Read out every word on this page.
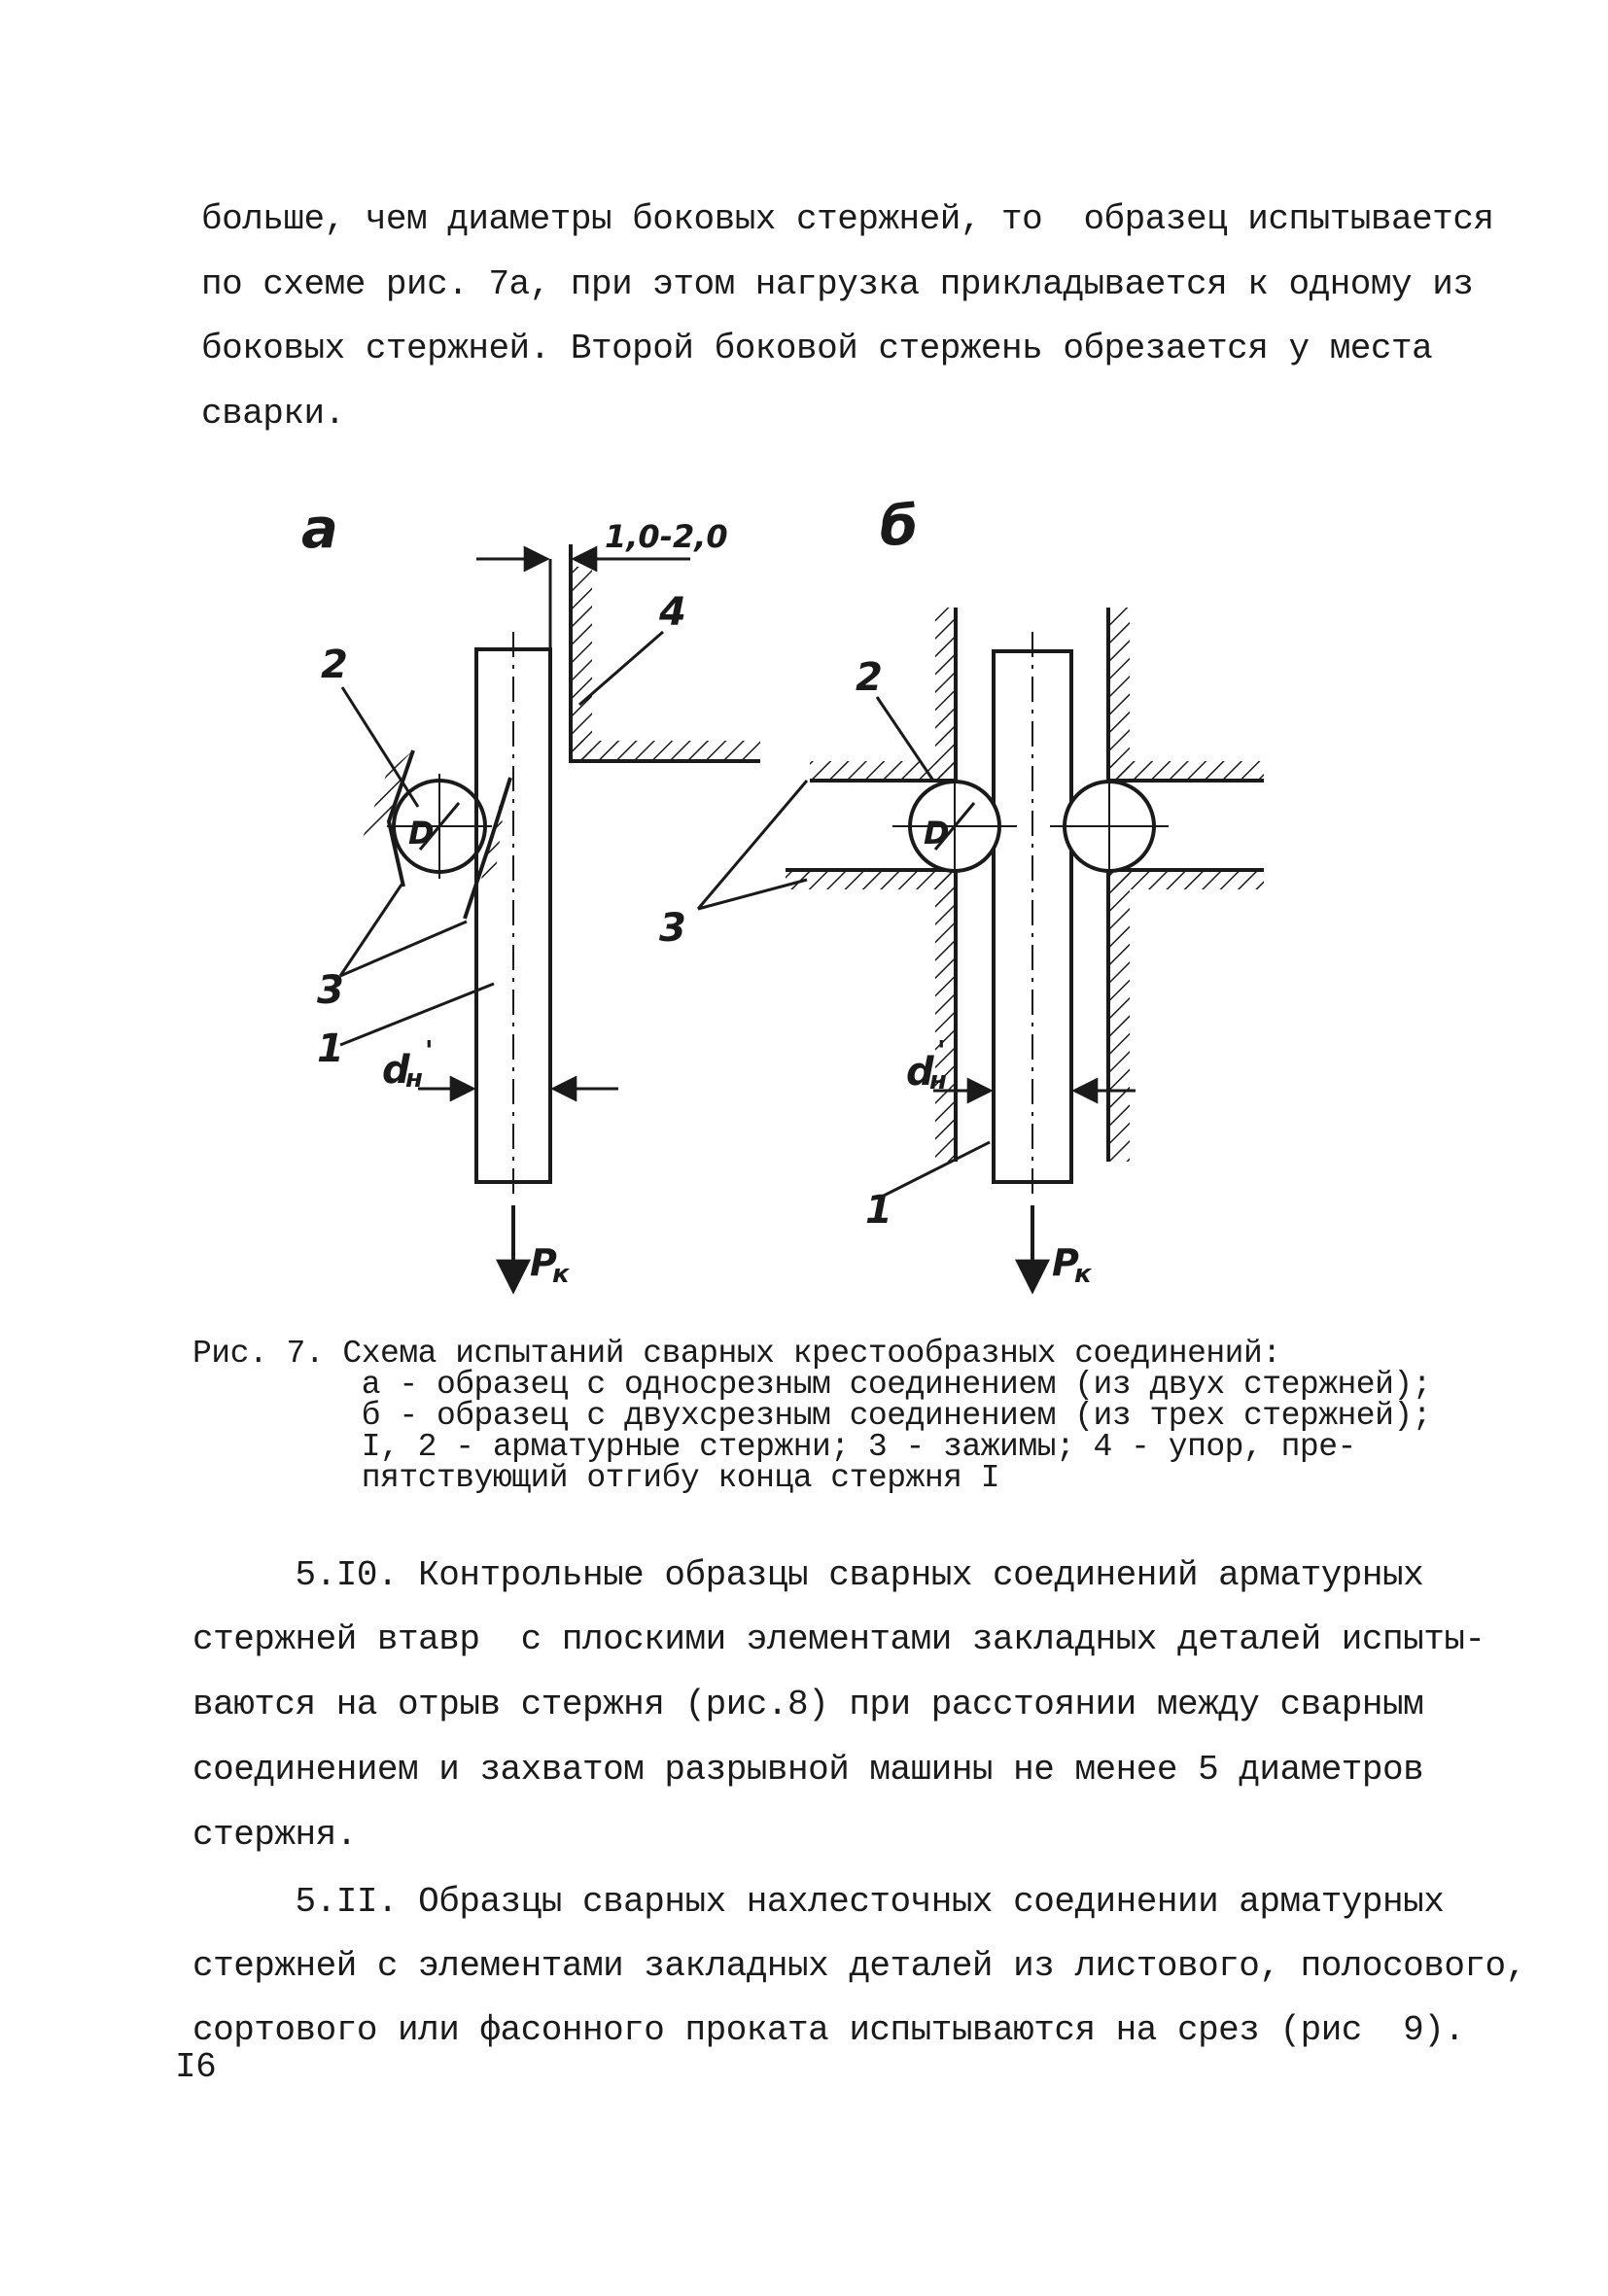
больше, чем диаметры боковых стержней, то  образец испытывается
по схеме рис. 7а, при этом нагрузка прикладывается к одному из
боковых стержней. Второй боковой стержень обрезается у места
сварки.
а	1,0-2,0
D
2
4
3
1 d
н
'
P
к
б
D
2
3
1
d
н
'
P
к
Рис. 7. Схема испытаний сварных крестообразных соединений:
а - образец с односрезным соединением (из двух стержней);
б - образец с двухсрезным соединением (из трех стержней);
I, 2 - арматурные стержни; 3 - зажимы; 4 - упор, пре-
пятствующий отгибу конца стержня I
5.I0. Контрольные образцы сварных соединений арматурных
стержней втавр  с плоскими элементами закладных деталей испыты-
ваются на отрыв стержня (рис.8) при расстоянии между сварным
соединением и захватом разрывной машины не менее 5 диаметров
стержня.
5.II. Образцы сварных нахлесточных соединении арматурных
стержней с элементами закладных деталей из листового, полосового,
сортового или фасонного проката испытываются на срез (рис  9).
I6
